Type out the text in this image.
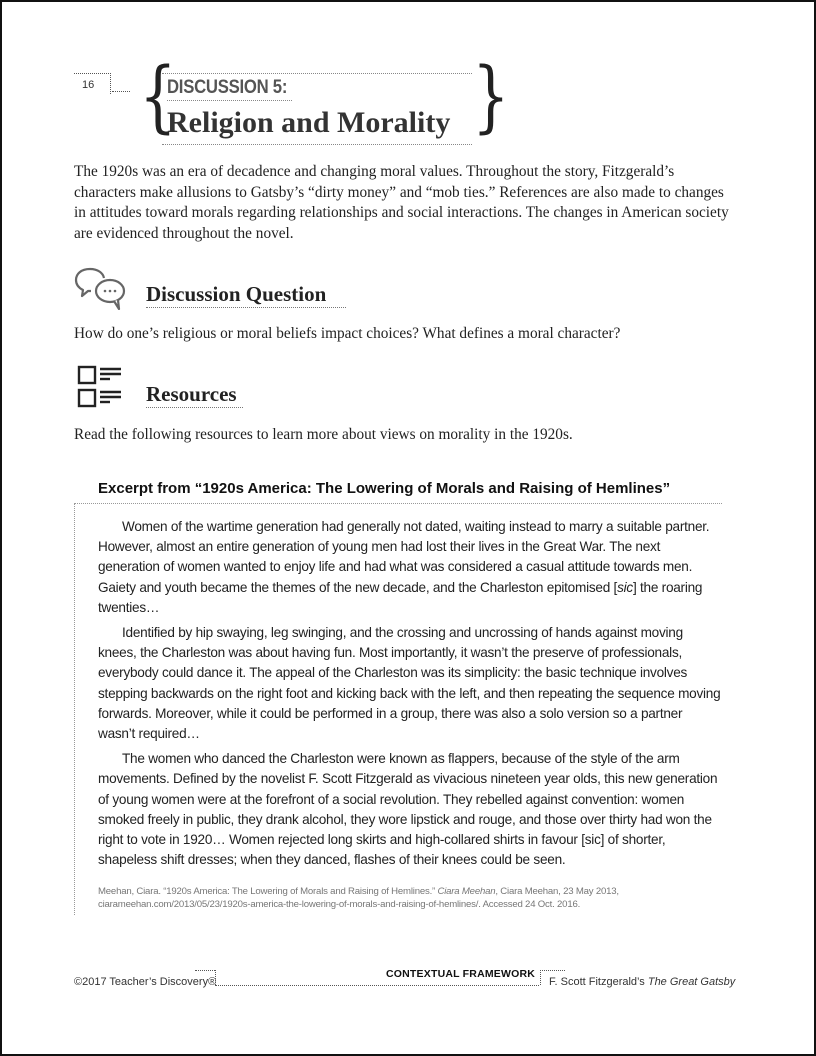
16 {
DISCUSSION 5:
Religion and Morality }
The 1920s was an era of decadence and changing moral values. Throughout the story, Fitzgerald’s characters make allusions to Gatsby’s “dirty money” and “mob ties.” References are also made to changes in attitudes toward morals regarding relationships and social interactions. The changes in American society are evidenced throughout the novel.
Discussion Question
How do one’s religious or moral beliefs impact choices? What defines a moral character?
Resources
Read the following resources to learn more about views on morality in the 1920s.
Excerpt from “1920s America: The Lowering of Morals and Raising of Hemlines”

Women of the wartime generation had generally not dated, waiting instead to marry a suitable partner. However, almost an entire generation of young men had lost their lives in the Great War. The next generation of women wanted to enjoy life and had what was considered a casual attitude towards men. Gaiety and youth became the themes of the new decade, and the Charleston epitomised [sic] the roaring twenties…

Identified by hip swaying, leg swinging, and the crossing and uncrossing of hands against moving knees, the Charleston was about having fun. Most importantly, it wasn’t the preserve of professionals, everybody could dance it. The appeal of the Charleston was its simplicity: the basic technique involves stepping backwards on the right foot and kicking back with the left, and then repeating the sequence moving forwards. Moreover, while it could be performed in a group, there was also a solo version so a partner wasn’t required…

The women who danced the Charleston were known as flappers, because of the style of the arm movements. Defined by the novelist F. Scott Fitzgerald as vivacious nineteen year olds, this new generation of young women were at the forefront of a social revolution. They rebelled against convention: women smoked freely in public, they drank alcohol, they wore lipstick and rouge, and those over thirty had won the right to vote in 1920… Women rejected long skirts and high-collared shirts in favour [sic] of shorter, shapeless shift dresses; when they danced, flashes of their knees could be seen.

Meehan, Ciara. “1920s America: The Lowering of Morals and Raising of Hemlines.” Ciara Meehan, Ciara Meehan, 23 May 2013, ciarameehan.com/2013/05/23/1920s-america-the-lowering-of-morals-and-raising-of-hemlines/. Accessed 24 Oct. 2016.
©2017 Teacher’s Discovery®
CONTEXTUAL FRAMEWORK
F. Scott Fitzgerald’s The Great Gatsby
